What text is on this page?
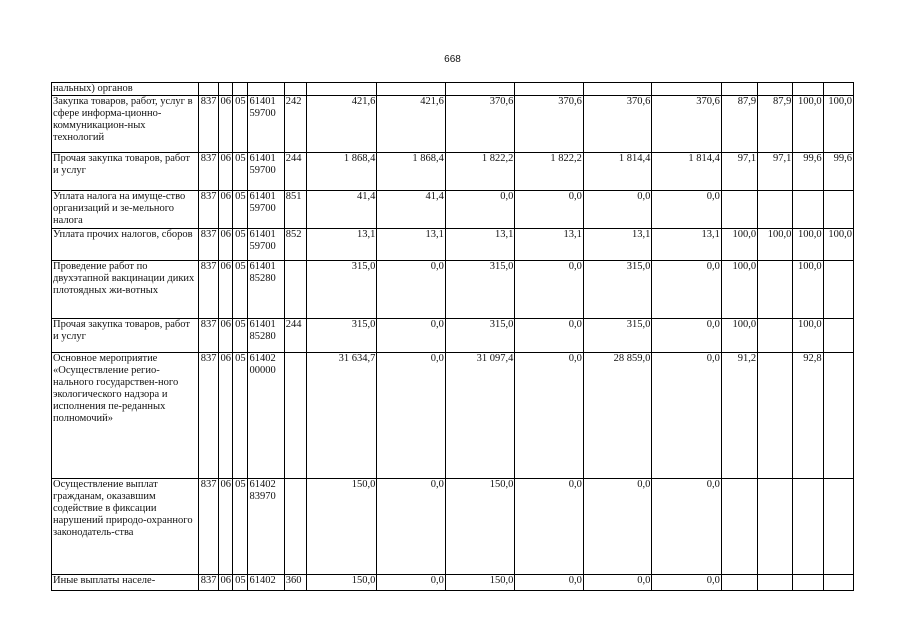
668
нальных) органов															
Закупка товаров, работ, услуг в сфере информа-ционно-коммуникацион-ных технологий	837	06	05	61401 59700	242	421,6	421,6	370,6	370,6	370,6	370,6	87,9	87,9	100,0	100,0
Прочая закупка товаров, работ и услуг	837	06	05	61401 59700	244	1 868,4	1 868,4	1 822,2	1 822,2	1 814,4	1 814,4	97,1	97,1	99,6	99,6
Уплата налога на имуще-ство организаций и зе-мельного налога	837	06	05	61401 59700	851	41,4	41,4	0,0	0,0	0,0	0,0				
Уплата прочих налогов, сборов	837	06	05	61401 59700	852	13,1	13,1	13,1	13,1	13,1	13,1	100,0	100,0	100,0	100,0
Проведение работ по двухэтапной вакцинации диких плотоядных жи-вотных	837	06	05	61401 85280		315,0	0,0	315,0	0,0	315,0	0,0	100,0		100,0	
Прочая закупка товаров, работ и услуг	837	06	05	61401 85280	244	315,0	0,0	315,0	0,0	315,0	0,0	100,0		100,0	
Основное мероприятие «Осуществление регио-нального государствен-ного экологического надзора и исполнения пе-реданных полномочий»	837	06	05	61402 00000		31 634,7	0,0	31 097,4	0,0	28 859,0	0,0	91,2		92,8	
Осуществление выплат гражданам, оказавшим содействие в фиксации нарушений природо-охранного законодатель-ства	837	06	05	61402 83970		150,0	0,0	150,0	0,0	0,0	0,0				
Иные выплаты населе-	837	06	05	61402	360	150,0	0,0	150,0	0,0	0,0	0,0				
